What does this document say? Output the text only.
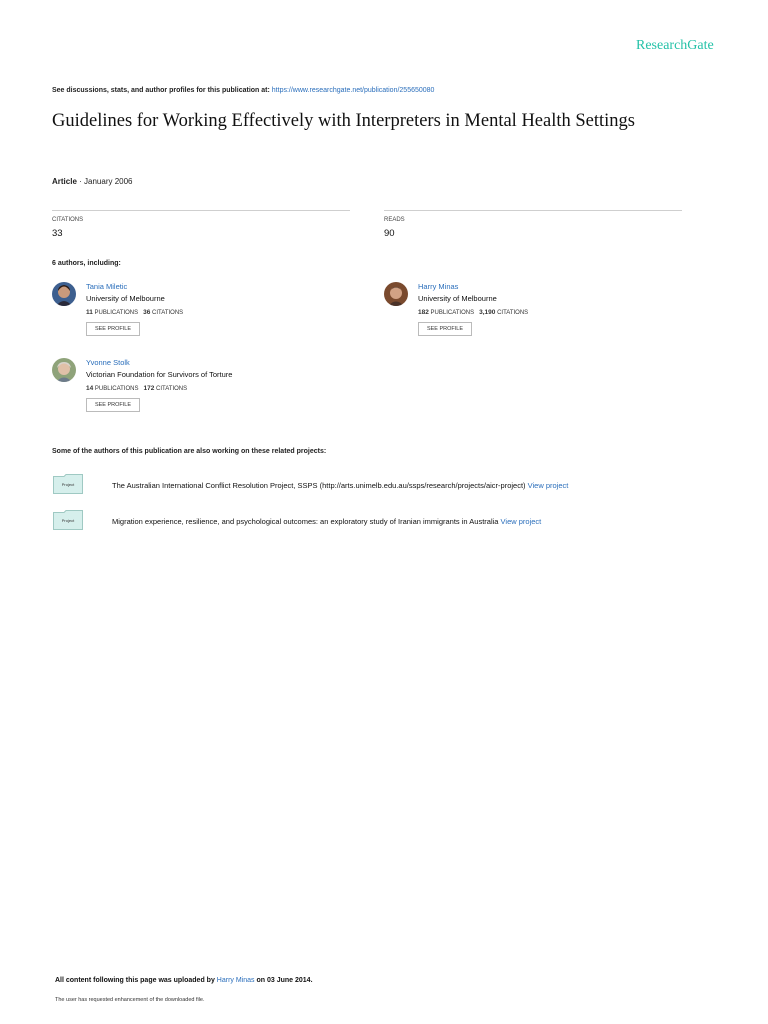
ResearchGate
See discussions, stats, and author profiles for this publication at: https://www.researchgate.net/publication/255650080
Guidelines for Working Effectively with Interpreters in Mental Health Settings
Article · January 2006
CITATIONS
33
READS
90
6 authors, including:
Tania Miletic
University of Melbourne
11 PUBLICATIONS 36 CITATIONS
SEE PROFILE
Harry Minas
University of Melbourne
182 PUBLICATIONS 3,190 CITATIONS
SEE PROFILE
Yvonne Stolk
Victorian Foundation for Survivors of Torture
14 PUBLICATIONS 172 CITATIONS
SEE PROFILE
Some of the authors of this publication are also working on these related projects:
Project	The Australian International Conflict Resolution Project, SSPS (http://arts.unimelb.edu.au/ssps/research/projects/aicr-project) View project
Project	Migration experience, resilience, and psychological outcomes: an exploratory study of Iranian immigrants in Australia View project
All content following this page was uploaded by Harry Minas on 03 June 2014.
The user has requested enhancement of the downloaded file.
